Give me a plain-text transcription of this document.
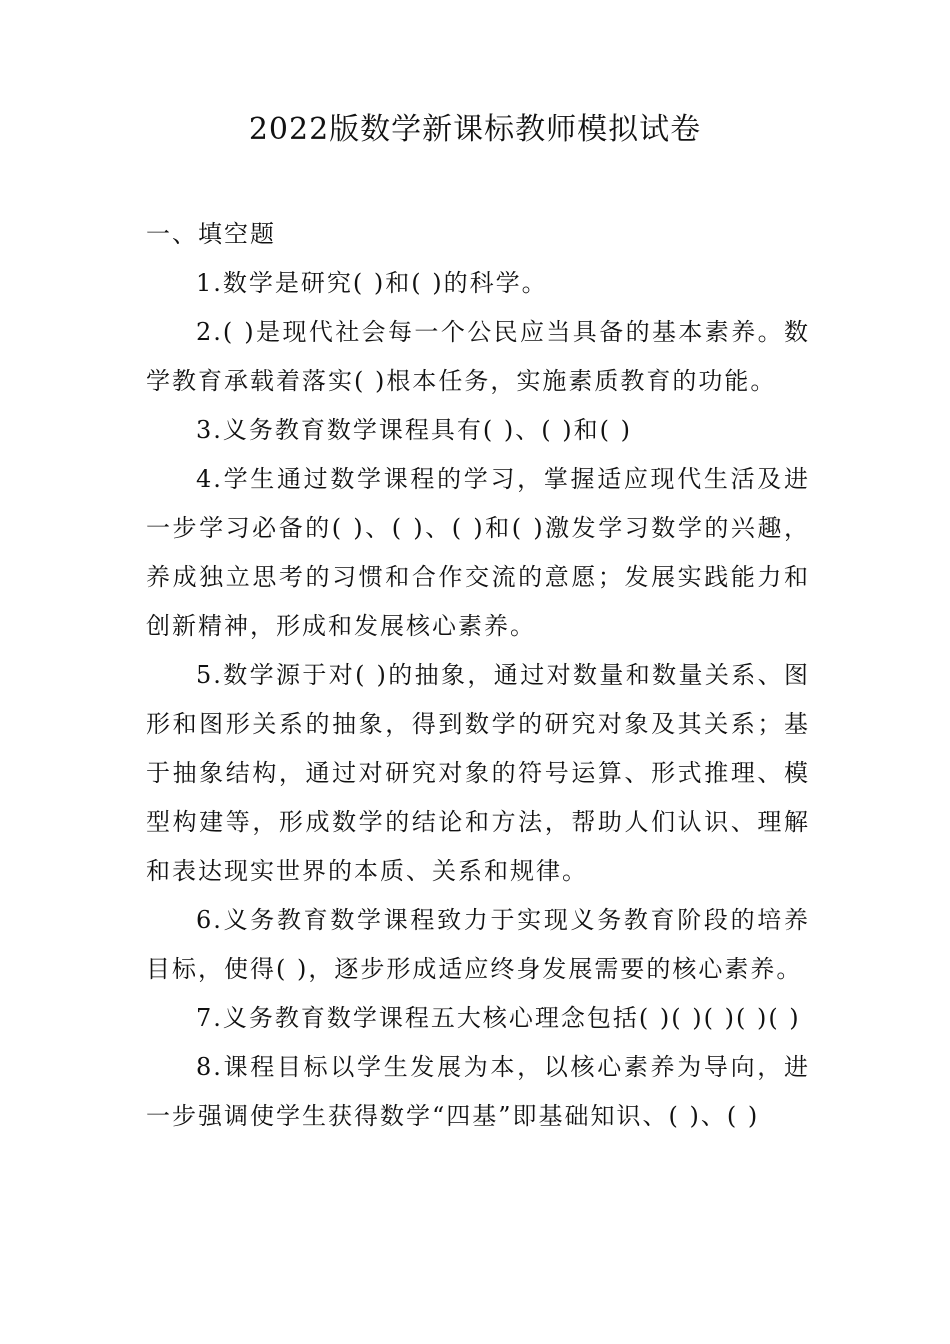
2022版数学新课标教师模拟试卷

一、填空题

1.数学是研究( )和( )的科学。

2.( )是现代社会每一个公民应当具备的基本素养。数学教育承载着落实( )根本任务，实施素质教育的功能。

3.义务教育数学课程具有( )、( )和( )

4.学生通过数学课程的学习，掌握适应现代生活及进一步学习必备的( )、( )、( )和( )激发学习数学的兴趣，养成独立思考的习惯和合作交流的意愿；发展实践能力和创新精神，形成和发展核心素养。

5.数学源于对( )的抽象，通过对数量和数量关系、图形和图形关系的抽象，得到数学的研究对象及其关系；基于抽象结构，通过对研究对象的符号运算、形式推理、模型构建等，形成数学的结论和方法，帮助人们认识、理解和表达现实世界的本质、关系和规律。

6.义务教育数学课程致力于实现义务教育阶段的培养目标，使得( )，逐步形成适应终身发展需要的核心素养。

7.义务教育数学课程五大核心理念包括( )( )( )( )( )

8.课程目标以学生发展为本，以核心素养为导向，进一步强调使学生获得数学“四基”即基础知识、( )、( )
